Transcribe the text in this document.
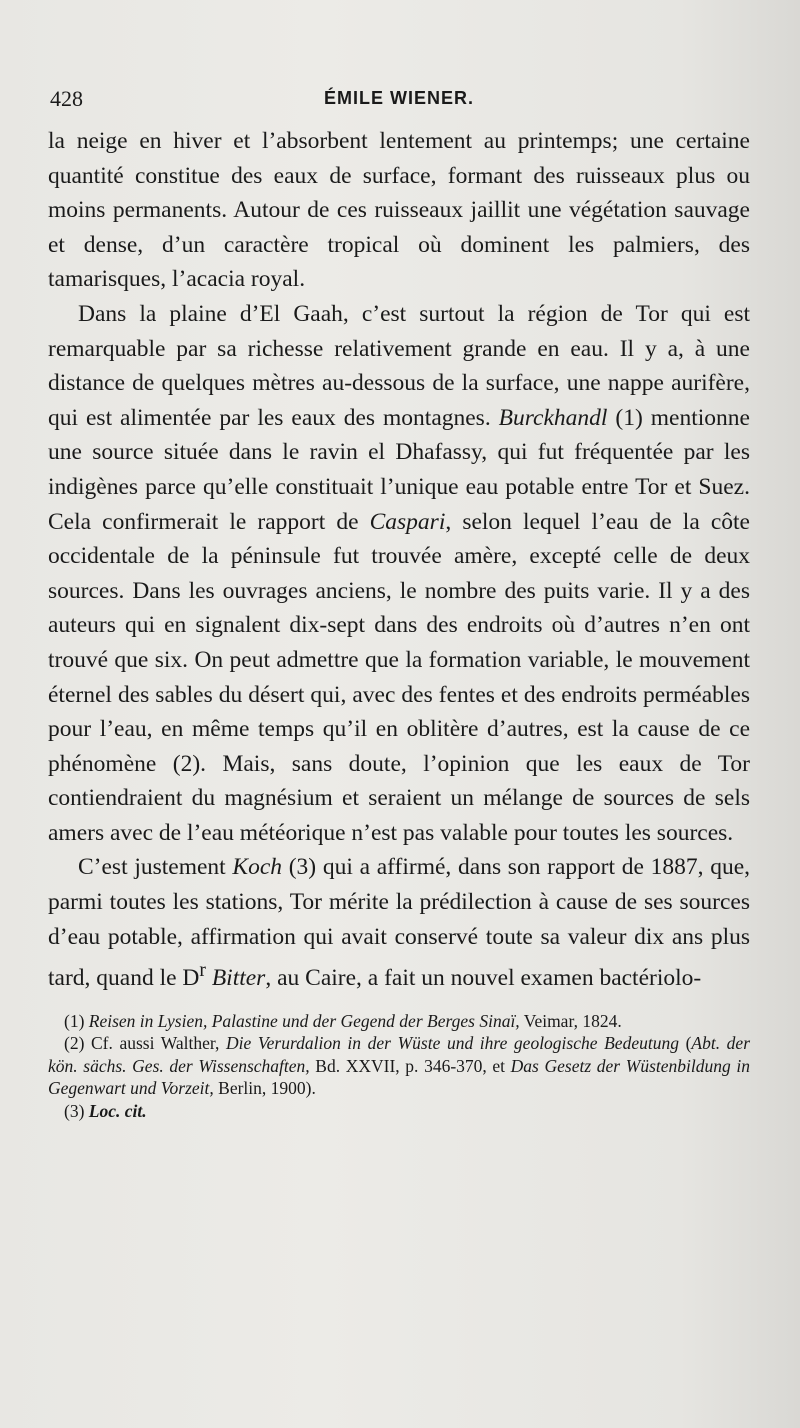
428	ÉMILE WIENER.

la neige en hiver et l’absorbent lentement au printemps; une certaine quantité constitue des eaux de surface, formant des ruisseaux plus ou moins permanents. Autour de ces ruisseaux jaillit une végétation sauvage et dense, d’un caractère tropical où dominent les palmiers, des tamarisques, l’acacia royal.

Dans la plaine d’El Gaah, c’est surtout la région de Tor qui est remarquable par sa richesse relativement grande en eau. Il y a, à une distance de quelques mètres au-dessous de la surface, une nappe aurifère, qui est alimentée par les eaux des montagnes. Burckhandl (1) mentionne une source située dans le ravin el Dhafassy, qui fut fréquentée par les indigènes parce qu’elle constituait l’unique eau potable entre Tor et Suez. Cela confirmerait le rapport de Caspari, selon lequel l’eau de la côte occidentale de la péninsule fut trouvée amère, excepté celle de deux sources. Dans les ouvrages anciens, le nombre des puits varie. Il y a des auteurs qui en signalent dix-sept dans des endroits où d’autres n’en ont trouvé que six. On peut admettre que la formation variable, le mouvement éternel des sables du désert qui, avec des fentes et des endroits perméables pour l’eau, en même temps qu’il en oblitère d’autres, est la cause de ce phénomène (2). Mais, sans doute, l’opinion que les eaux de Tor contiendraient du magnésium et seraient un mélange de sources de sels amers avec de l’eau météorique n’est pas valable pour toutes les sources.

C’est justement Koch (3) qui a affirmé, dans son rapport de 1887, que, parmi toutes les stations, Tor mérite la prédilection à cause de ses sources d’eau potable, affirmation qui avait conservé toute sa valeur dix ans plus tard, quand le $D^r$ Bitter, au Caire, a fait un nouvel examen bactériolo-

(1) Reisen in Lysien, Palastine und der Gegend der Berges Sinaï, Veimar, 1824.

(2) Cf. aussi Walther, Die Verurdalion in der Wüste und ihre geologische Bedeutung (Abt. der kön. sächs. Ges. der Wissenschaften, Bd. XXVII, p. 346-370, et Das Gesetz der Wüstenbildung in Gegenwart und Vorzeit, Berlin, 1900).

(3) Loc. cit.
